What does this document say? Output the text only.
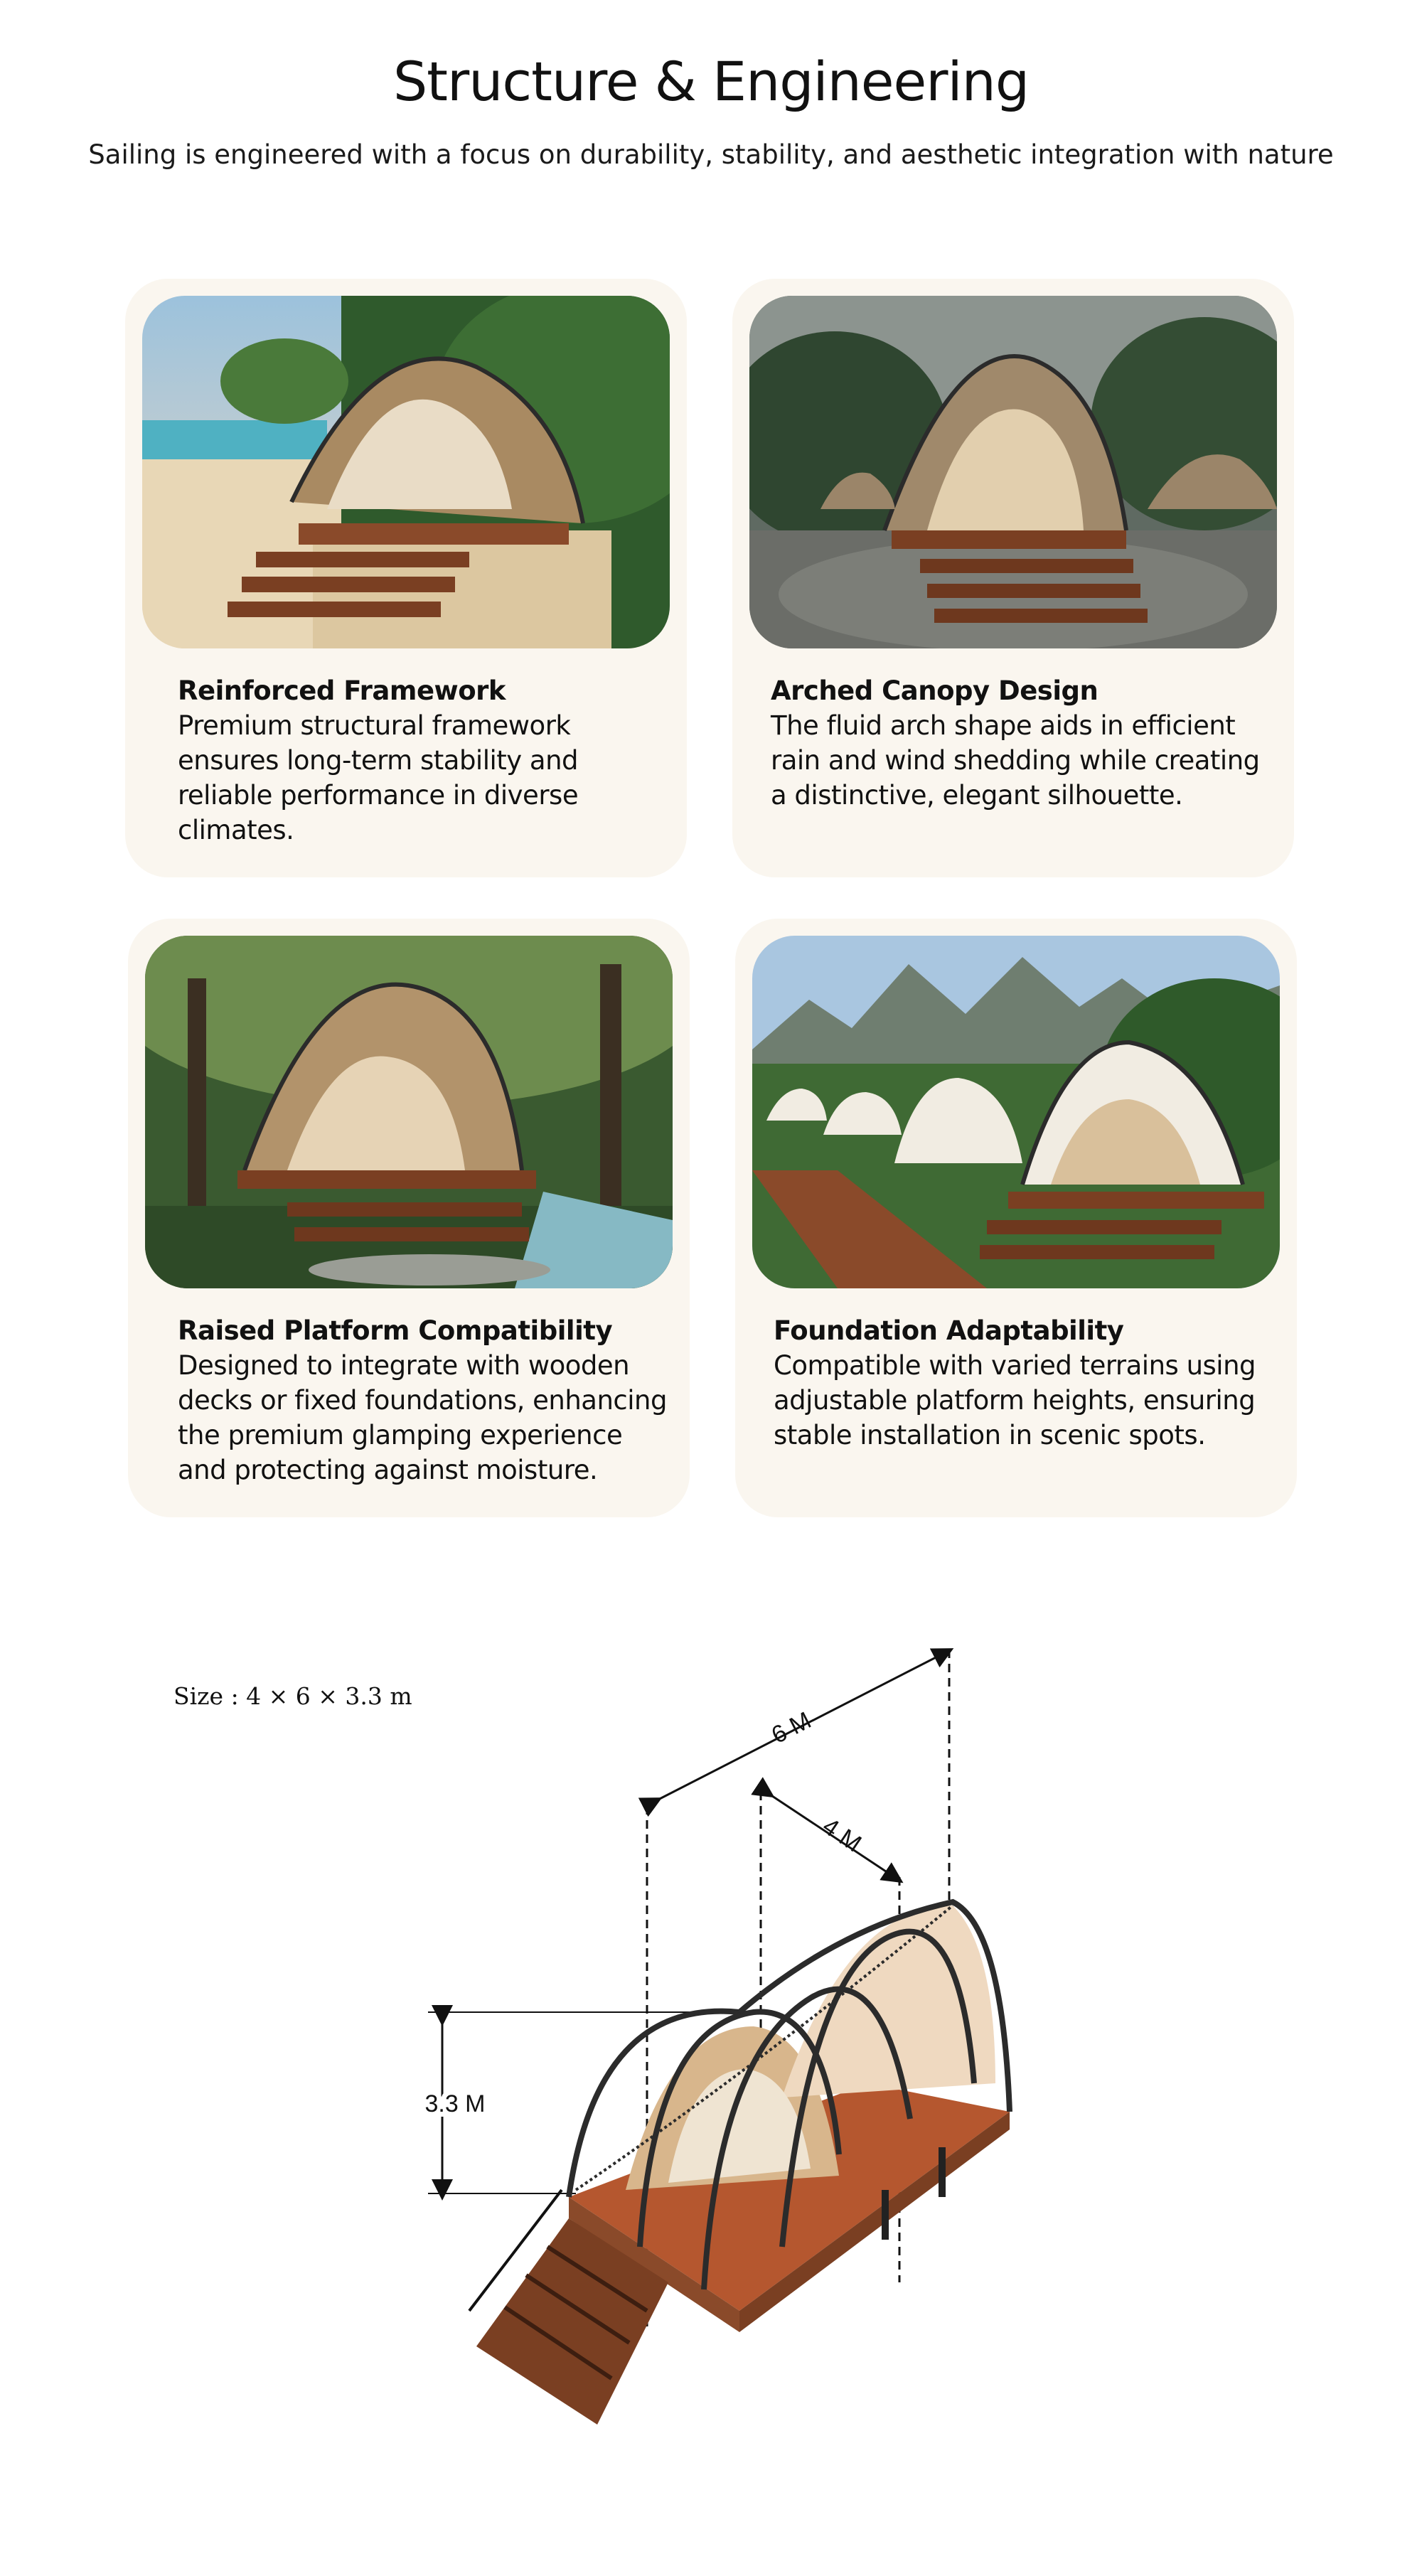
Structure & Engineering

Sailing is engineered with a focus on durability, stability, and aesthetic integration with nature

Reinforced Framework

Premium structural framework ensures long-term stability and reliable performance in diverse climates.

Arched Canopy Design

The fluid arch shape aids in efficient rain and wind shedding while creating a distinctive, elegant silhouette.

Raised Platform Compatibility

Designed to integrate with wooden decks or fixed foundations, enhancing the premium glamping experience and protecting against moisture.

Foundation Adaptability

Compatible with varied terrains using adjustable platform heights, ensuring stable installation in scenic spots.

Size : 4 × 6 × 3.3 m
6 M
4 M
3.3 M
